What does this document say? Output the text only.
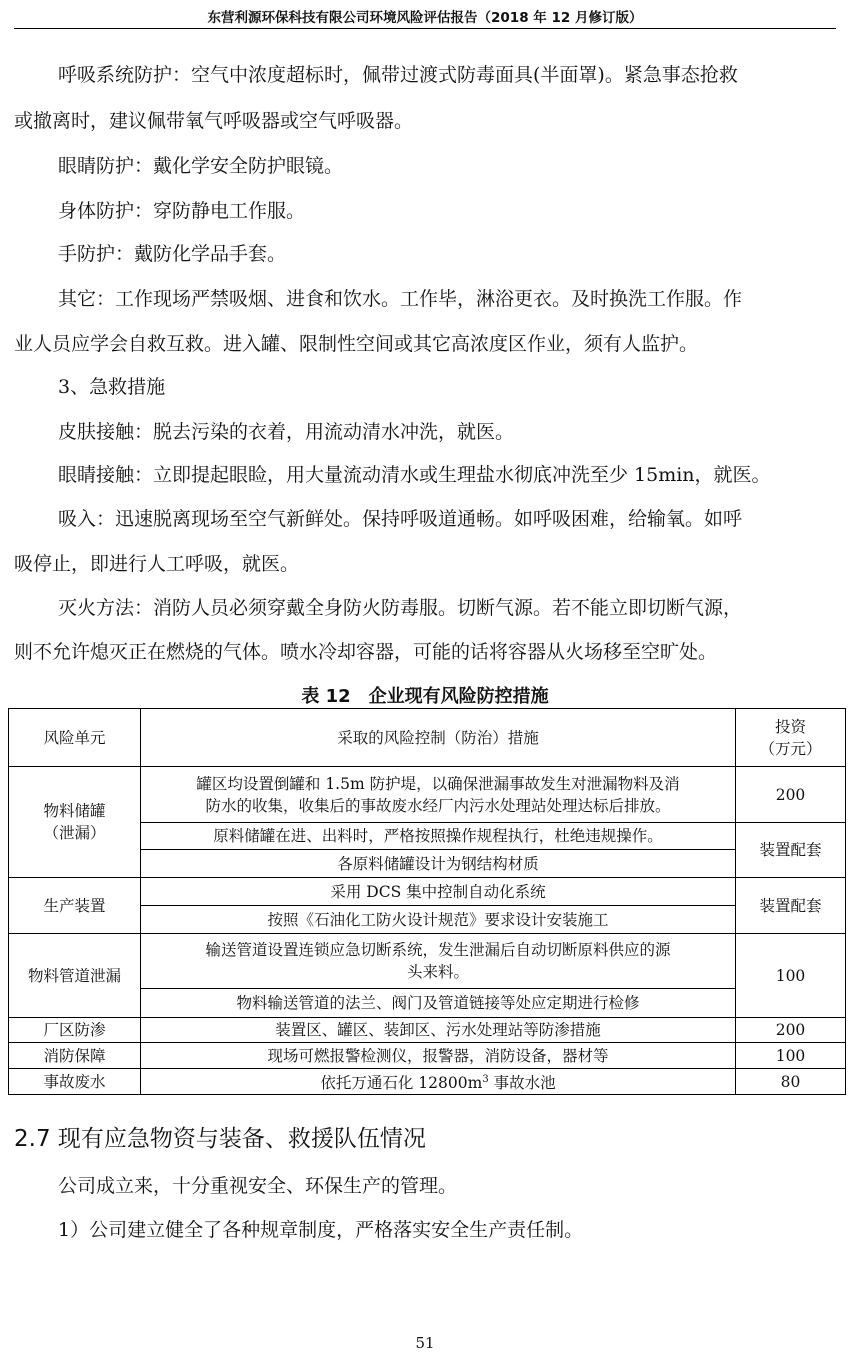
东营利源环保科技有限公司环境风险评估报告（2018 年 12 月修订版）
呼吸系统防护：空气中浓度超标时，佩带过渡式防毒面具(半面罩)。紧急事态抢救
或撤离时，建议佩带氧气呼吸器或空气呼吸器。
眼睛防护：戴化学安全防护眼镜。
身体防护：穿防静电工作服。
手防护：戴防化学品手套。
其它：工作现场严禁吸烟、进食和饮水。工作毕，淋浴更衣。及时换洗工作服。作
业人员应学会自救互救。进入罐、限制性空间或其它高浓度区作业，须有人监护。
3、急救措施
皮肤接触：脱去污染的衣着，用流动清水冲洗，就医。
眼睛接触：立即提起眼睑，用大量流动清水或生理盐水彻底冲洗至少 15min，就医。
吸入：迅速脱离现场至空气新鲜处。保持呼吸道通畅。如呼吸困难，给输氧。如呼
吸停止，即进行人工呼吸，就医。
灭火方法：消防人员必须穿戴全身防火防毒服。切断气源。若不能立即切断气源，
则不允许熄灭正在燃烧的气体。喷水冷却容器，可能的话将容器从火场移至空旷处。
表 12　企业现有风险防控措施
风险单元	采取的风险控制（防治）措施	投资
（万元）
物料储罐
（泄漏）	罐区均设置倒罐和 1.5m 防护堤，以确保泄漏事故发生对泄漏物料及消
防水的收集，收集后的事故废水经厂内污水处理站处理达标后排放。	200
	原料储罐在进、出料时，严格按照操作规程执行，杜绝违规操作。	装置配套
	各原料储罐设计为钢结构材质	
生产装置	采用 DCS 集中控制自动化系统	装置配套
	按照《石油化工防火设计规范》要求设计安装施工	
物料管道泄漏	输送管道设置连锁应急切断系统，发生泄漏后自动切断原料供应的源
头来料。	100
	物料输送管道的法兰、阀门及管道链接等处应定期进行检修	
厂区防渗	装置区、罐区、装卸区、污水处理站等防渗措施	200
消防保障	现场可燃报警检测仪，报警器，消防设备，器材等	100
事故废水	依托万通石化 $12800m^3$ 事故水池	80
2.7 现有应急物资与装备、救援队伍情况
公司成立来，十分重视安全、环保生产的管理。
1）公司建立健全了各种规章制度，严格落实安全生产责任制。
51
